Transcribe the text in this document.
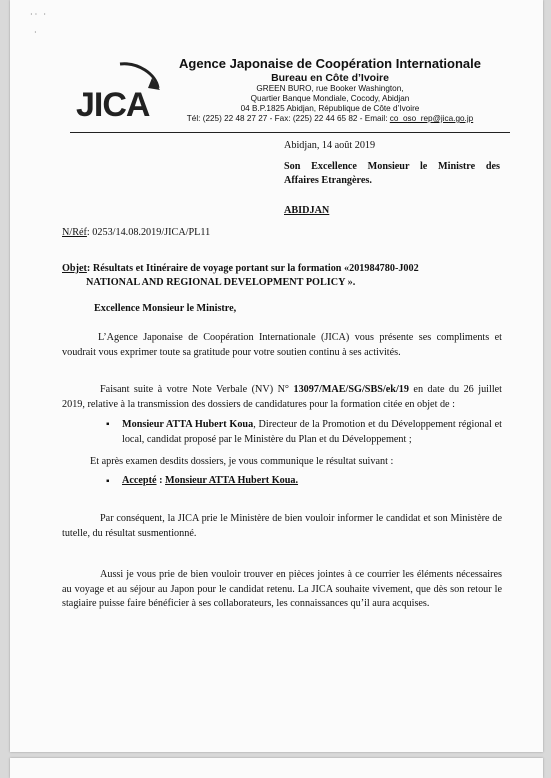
· ·   ·

·
JICA
Agence Japonaise de Coopération Internationale
Bureau en Côte d’Ivoire
GREEN BURO, rue Booker Washington,
Quartier Banque Mondiale, Cocody, Abidjan
04 B.P.1825 Abidjan, République de Côte d’Ivoire
Tél: (225) 22 48 27 27 - Fax: (225) 22 44 65 82 - Email: co_oso_rep@jica.go.jp
Abidjan, 14 août 2019
Son Excellence Monsieur le Ministre des
Affaires Etrangères.
ABIDJAN
N/Réf: 0253/14.08.2019/JICA/PL11
Objet: Résultats et Itinéraire de voyage portant sur la formation «201984780-J002
NATIONAL AND REGIONAL DEVELOPMENT POLICY ».
Excellence Monsieur le Ministre,
L’Agence Japonaise de Coopération Internationale (JICA) vous présente ses compliments et voudrait vous exprimer toute sa gratitude pour votre soutien continu à ses activités.
Faisant suite à votre Note Verbale (NV) N° 13097/MAE/SG/SBS/ek/19 en date du 26 juillet 2019, relative à la transmission des dossiers de candidatures pour la formation citée en objet de :
▪ Monsieur ATTA Hubert Koua, Directeur de la Promotion et du Développement régional et local, candidat proposé par le Ministère du Plan et du Développement ;
Et après examen desdits dossiers, je vous communique le résultat suivant :
▪ Accepté : Monsieur ATTA Hubert Koua.
Par conséquent, la JICA prie le Ministère de bien vouloir informer le candidat et son Ministère de tutelle, du résultat susmentionné.
Aussi je vous prie de bien vouloir trouver en pièces jointes à ce courrier les éléments nécessaires au voyage et au séjour au Japon pour le candidat retenu. La JICA souhaite vivement, que dès son retour le stagiaire puisse faire bénéficier à ses collaborateurs, les connaissances qu’il aura acquises.
